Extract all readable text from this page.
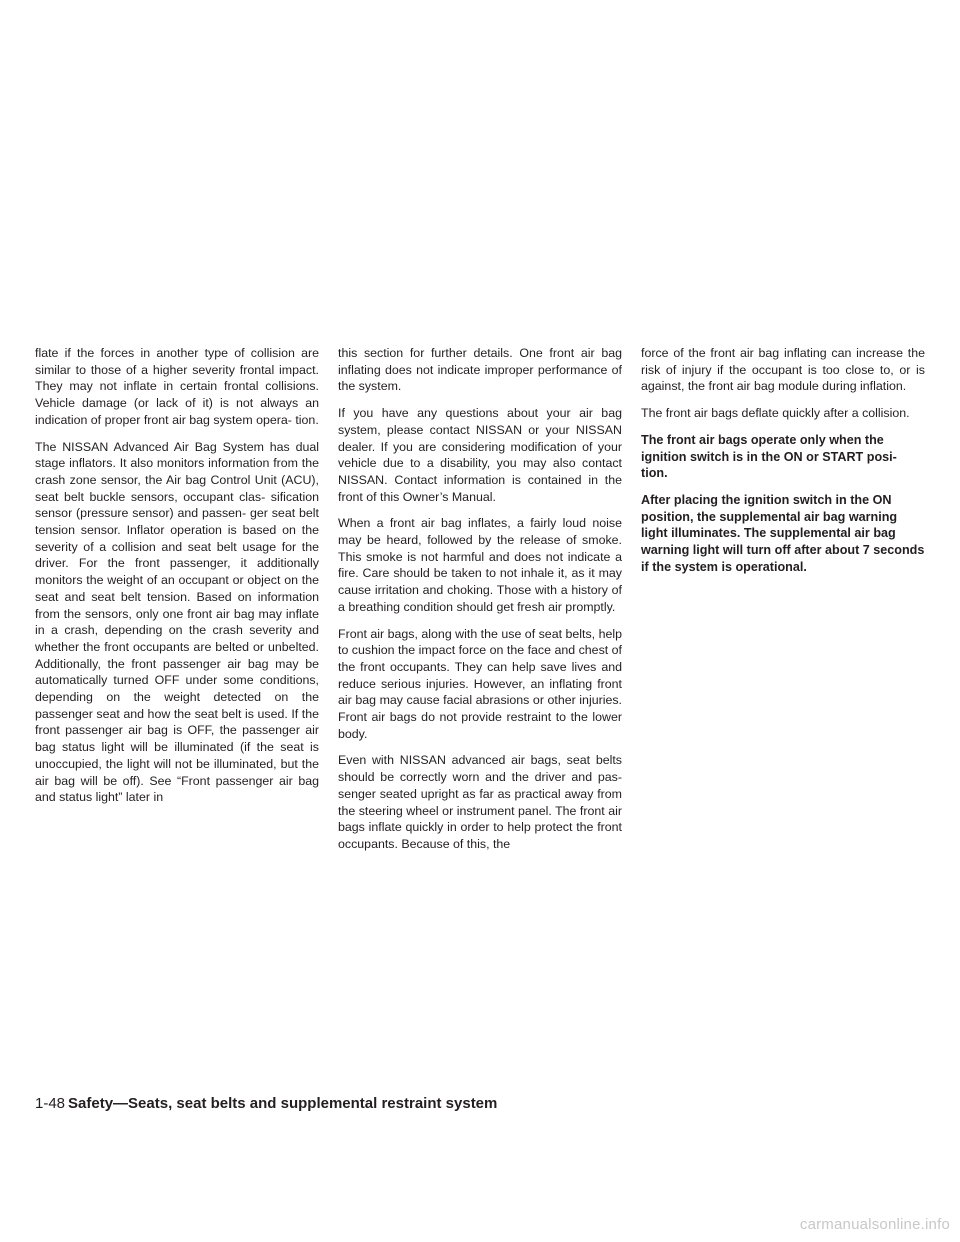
flate if the forces in another type of collision are similar to those of a higher severity frontal impact. They may not inflate in certain frontal collisions. Vehicle damage (or lack of it) is not always an indication of proper front air bag system opera- tion.

The NISSAN Advanced Air Bag System has dual stage inflators. It also monitors information from the crash zone sensor, the Air bag Control Unit (ACU), seat belt buckle sensors, occupant clas- sification sensor (pressure sensor) and passen- ger seat belt tension sensor. Inflator operation is based on the severity of a collision and seat belt usage for the driver. For the front passenger, it additionally monitors the weight of an occupant or object on the seat and seat belt tension. Based on information from the sensors, only one front air bag may inflate in a crash, depending on the crash severity and whether the front occupants are belted or unbelted. Additionally, the front passenger air bag may be automatically turned OFF under some conditions, depending on the weight detected on the passenger seat and how the seat belt is used. If the front passenger air bag is OFF, the passenger air bag status light will be illuminated (if the seat is unoccupied, the light will not be illuminated, but the air bag will be off). See “Front passenger air bag and status light” later in

this section for further details. One front air bag inflating does not indicate improper performance of the system.

If you have any questions about your air bag system, please contact NISSAN or your NISSAN dealer. If you are considering modification of your vehicle due to a disability, you may also contact NISSAN. Contact information is contained in the front of this Owner’s Manual.

When a front air bag inflates, a fairly loud noise may be heard, followed by the release of smoke. This smoke is not harmful and does not indicate a fire. Care should be taken to not inhale it, as it may cause irritation and choking. Those with a history of a breathing condition should get fresh air promptly.

Front air bags, along with the use of seat belts, help to cushion the impact force on the face and chest of the front occupants. They can help save lives and reduce serious injuries. However, an inflating front air bag may cause facial abrasions or other injuries. Front air bags do not provide restraint to the lower body.

Even with NISSAN advanced air bags, seat belts should be correctly worn and the driver and pas- senger seated upright as far as practical away from the steering wheel or instrument panel. The front air bags inflate quickly in order to help protect the front occupants. Because of this, the

force of the front air bag inflating can increase the risk of injury if the occupant is too close to, or is against, the front air bag module during inflation.

The front air bags deflate quickly after a collision.

The front air bags operate only when the ignition switch is in the ON or START posi- tion.

After placing the ignition switch in the ON position, the supplemental air bag warning light illuminates. The supplemental air bag warning light will turn off after about 7 seconds if the system is operational.

1-48 Safety—Seats, seat belts and supplemental restraint system
carmanualsonline.info
